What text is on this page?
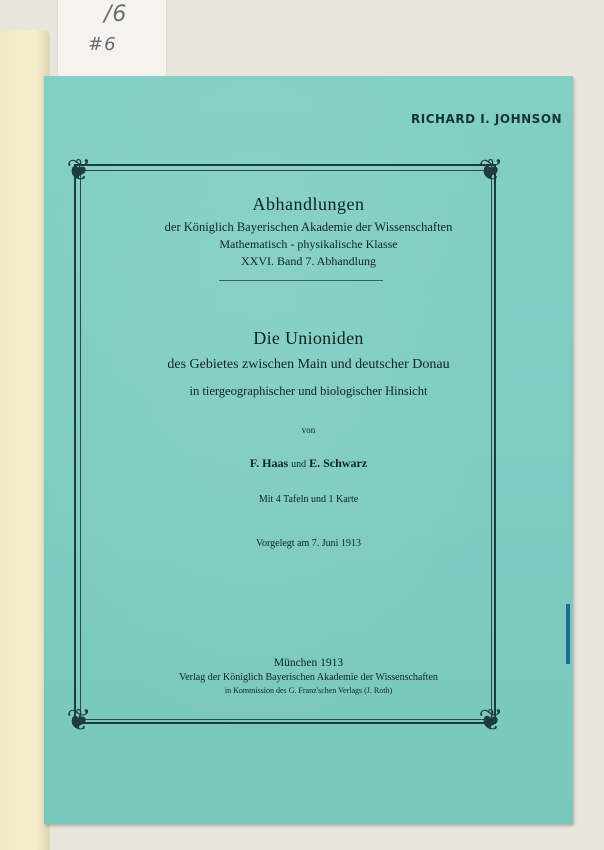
/6
#6
RICHARD I. JOHNSON
❦	❦
❦	❦
Abhandlungen
der Königlich Bayerischen Akademie der Wissenschaften
Mathematisch - physikalische Klasse
XXVI. Band 7. Abhandlung
Die Unioniden
des Gebietes zwischen Main und deutscher Donau
in tiergeographischer und biologischer Hinsicht
von
F. Haas und E. Schwarz
Mit 4 Tafeln und 1 Karte
Vorgelegt am 7. Juni 1913
München 1913
Verlag der Königlich Bayerischen Akademie der Wissenschaften
in Kommission des G. Franz'schen Verlags (J. Roth)
